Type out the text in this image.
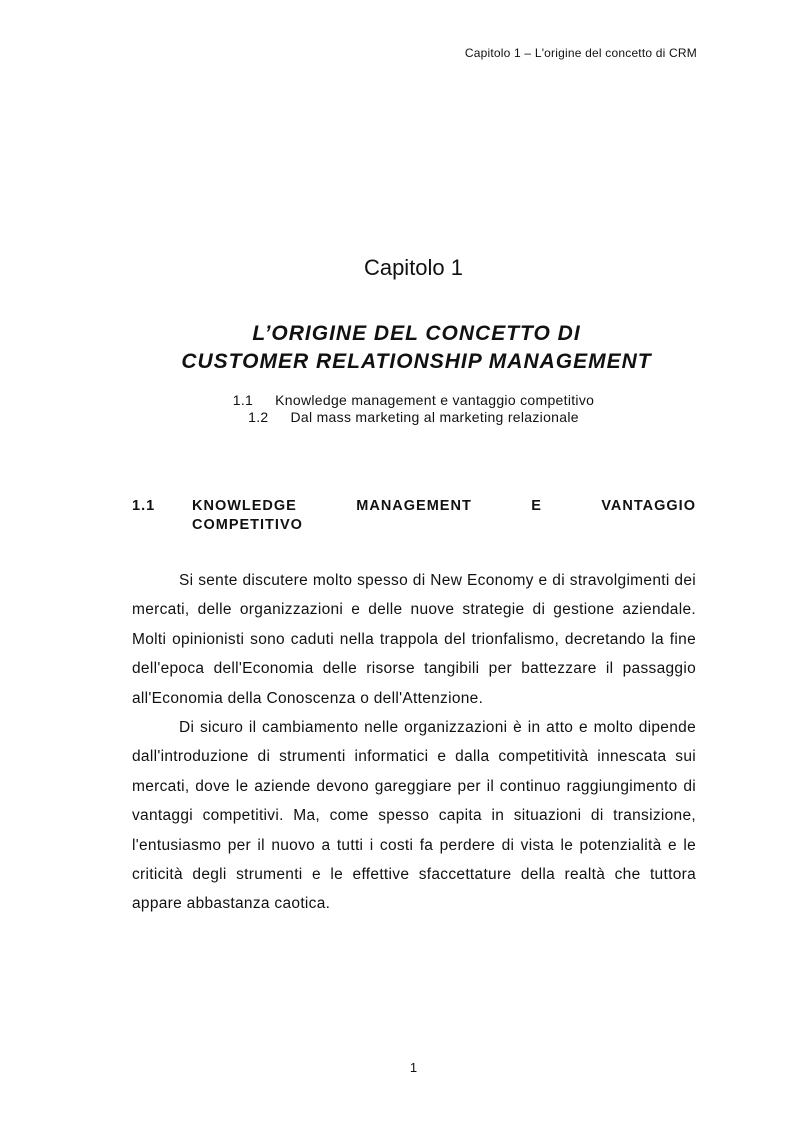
Capitolo 1 – L'origine del concetto di CRM
Capitolo 1
L’ORIGINE DEL CONCETTO DI
CUSTOMER RELATIONSHIP MANAGEMENT
1.1 Knowledge management e vantaggio competitivo
1.2 Dal mass marketing al marketing relazionale
1.1	KNOWLEDGE	MANAGEMENT	E	VANTAGGIO
COMPETITIVO

Si sente discutere molto spesso di New Economy e di stravolgimenti dei mercati, delle organizzazioni e delle nuove strategie di gestione aziendale. Molti opinionisti sono caduti nella trappola del trionfalismo, decretando la fine dell'epoca dell'Economia delle risorse tangibili per battezzare il passaggio all'Economia della Conoscenza o dell'Attenzione.

Di sicuro il cambiamento nelle organizzazioni è in atto e molto dipende dall'introduzione di strumenti informatici e dalla competitività innescata sui mercati, dove le aziende devono gareggiare per il continuo raggiungimento di vantaggi competitivi. Ma, come spesso capita in situazioni di transizione, l'entusiasmo per il nuovo a tutti i costi fa perdere di vista le potenzialità e le criticità degli strumenti e le effettive sfaccettature della realtà che tuttora appare abbastanza caotica.

1
